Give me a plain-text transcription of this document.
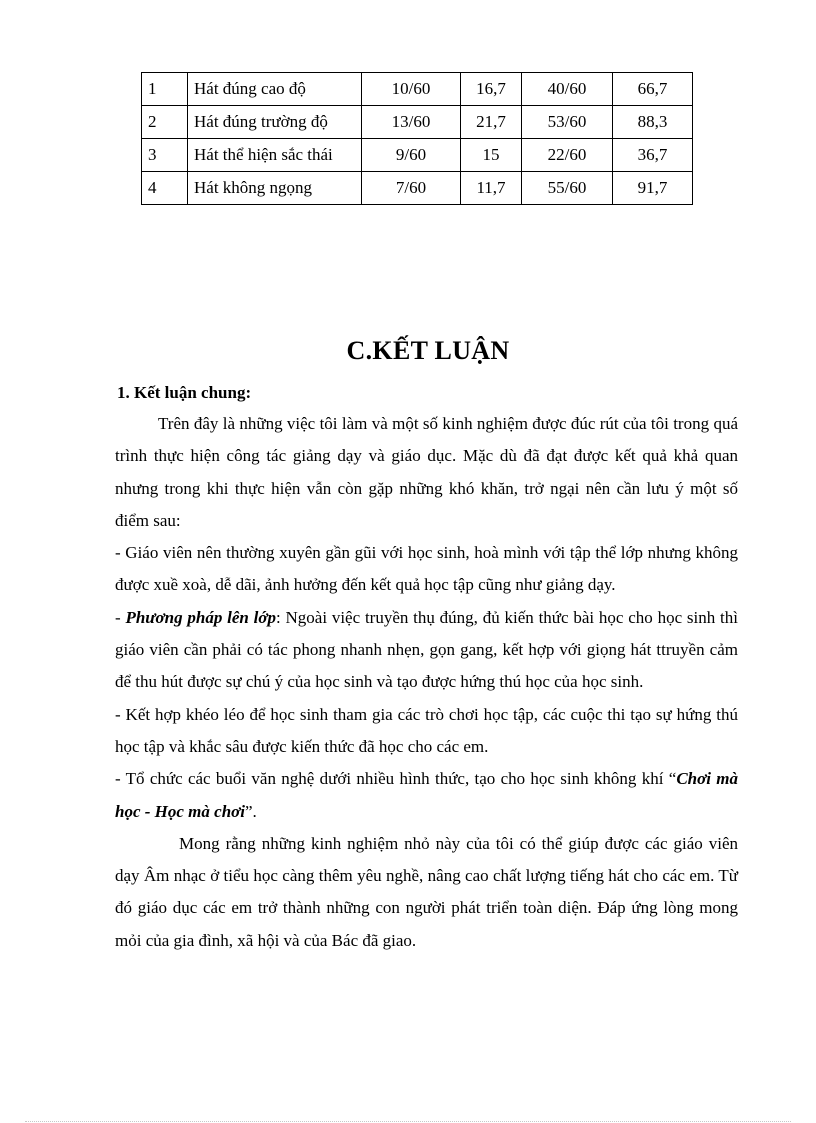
1	Hát đúng cao độ	10/60	16,7	40/60	66,7
2	Hát đúng trường độ	13/60	21,7	53/60	88,3
3	Hát thể hiện sắc thái	9/60	15	22/60	36,7
4	Hát không ngọng	7/60	11,7	55/60	91,7
C.KẾT LUẬN
1. Kết luận chung:

Trên đây là những việc tôi làm và một số kinh nghiệm được đúc rút của tôi trong quá trình thực hiện công tác giảng dạy và giáo dục. Mặc dù đã đạt được kết quả khả quan nhưng trong khi thực hiện vẫn còn gặp những khó khăn, trở ngại nên cần lưu ý một số điểm sau:

- Giáo viên nên thường xuyên gần gũi với học sinh, hoà mình với tập thể lớp nhưng không được xuề xoà, dễ dãi, ảnh hưởng đến kết quả học tập cũng như giảng dạy.

- Phương pháp lên lớp: Ngoài việc truyền thụ đúng, đủ kiến thức bài học cho học sinh thì giáo viên cần phải có tác phong nhanh nhẹn, gọn gang, kết hợp với giọng hát ttruyền cảm để thu hút được sự chú ý của học sinh và tạo được hứng thú học của học sinh.

- Kết hợp khéo léo để học sinh tham gia các trò chơi học tập, các cuộc thi tạo sự hứng thú học tập và khắc sâu được kiến thức đã học cho các em.

- Tổ chức các buổi văn nghệ dưới nhiều hình thức, tạo cho học sinh không khí “Chơi mà học - Học mà chơi”.

Mong rằng những kinh nghiệm nhỏ này của tôi có thể giúp được các giáo viên dạy Âm nhạc ở tiểu học càng thêm yêu nghề, nâng cao chất lượng tiếng hát cho các em. Từ đó giáo dục các em trở thành những con người phát triển toàn diện. Đáp ứng lòng mong mỏi của gia đình, xã hội và của Bác đã giao.
